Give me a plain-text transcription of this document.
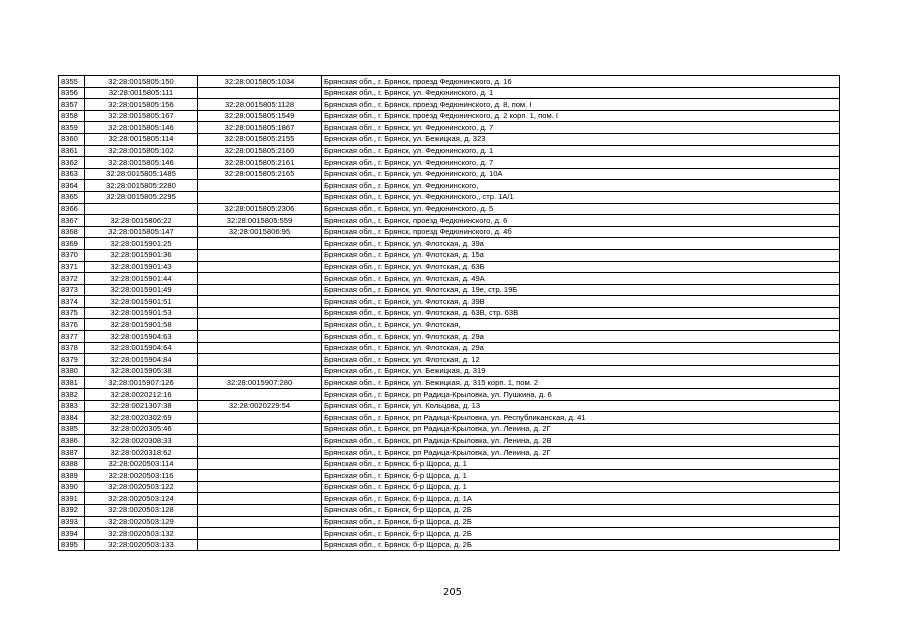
8355	32:28:0015805:150	32:28:0015805:1034	Брянская обл., г. Брянск, проезд Федюнинского, д. 16
8356	32:28:0015805:111		Брянская обл., г. Брянск, ул. Федюнинского, д. 1
8357	32:28:0015805:156	32:28:0015805:1128	Брянская обл., г. Брянск, проезд Федюнинского, д. 8, пом. I
8358	32:28:0015805:167	32:28:0015805:1549	Брянская обл., г. Брянск, проезд Федюнинского, д. 2 корп. 1, пом. I
8359	32:28:0015805:146	32:28:0015805:1867	Брянская обл., г. Брянск, ул. Федюнинского, д. 7
8360	32:28:0015805:114	32:28:0015805:2155	Брянская обл., г. Брянск, ул. Бежицкая, д. 323
8361	32:28:0015805:102	32:28:0015805:2160	Брянская обл., г. Брянск, ул. Федюнинского, д. 1
8362	32:28:0015805:146	32:28:0015805:2161	Брянская обл., г. Брянск, ул. Федюнинского, д. 7
8363	32:28:0015805:1485	32:28:0015805:2165	Брянская обл., г. Брянск, ул. Федюнинского, д. 10А
8364	32:28:0015805:2280		Брянская обл., г. Брянск, ул. Федюнинского,
8365	32:28:0015805:2295		Брянская обл., г. Брянск, ул. Федюнинского,, стр. 1А/1
8366		32:28:0015805:2306	Брянская обл., г. Брянск, ул. Федюнинского, д. 5
8367	32:28:0015806:22	32:28:0015805:559	Брянская обл., г. Брянск, проезд Федюнинского, д. 6
8368	32:28:0015805:147	32:28:0015806:95	Брянская обл., г. Брянск, проезд Федюнинского, д. 4б
8369	32:28:0015901:25		Брянская обл., г. Брянск, ул. Флотская, д. 39а
8370	32:28:0015901:36		Брянская обл., г. Брянск, ул. Флотская, д. 15а
8371	32:28:0015901:43		Брянская обл., г. Брянск, ул. Флотская, д. 63Б
8372	32:28:0015901:44		Брянская обл., г. Брянск, ул. Флотская, д. 49А
8373	32:28:0015901:49		Брянская обл., г. Брянск, ул. Флотская, д. 19е, стр. 19Б
8374	32:28:0015901:51		Брянская обл., г. Брянск, ул. Флотская, д. 39В
8375	32:28:0015901:53		Брянская обл., г. Брянск, ул. Флотская, д. 63В, стр. 63В
8376	32:28:0015901:58		Брянская обл., г. Брянск, ул. Флотская,
8377	32:28:0015904:63		Брянская обл., г. Брянск, ул. Флотская, д. 29а
8378	32:28:0015904:64		Брянская обл., г. Брянск, ул. Флотская, д. 29а
8379	32:28:0015904:84		Брянская обл., г. Брянск, ул. Флотская, д. 12
8380	32:28:0015905:38		Брянская обл., г. Брянск, ул. Бежицкая, д. 319
8381	32:28:0015907:126	32:28:0015907:280	Брянская обл., г. Брянск, ул. Бежицкая, д. 315 корп. 1, пом. 2
8382	32:28:0020212:16		Брянская обл., г. Брянск, рп Радица-Крыловка, ул. Пушкина, д. 6
8383	32:28:0021307:38	32:28:0020229:54	Брянская обл., г. Брянск, ул. Кольцова, д. 13
8384	32:28:0020302:69		Брянская обл., г. Брянск, рп Радица-Крыловка, ул. Республиканская, д. 41
8385	32:28:0020305:46		Брянская обл., г. Брянск, рп Радица-Крыловка, ул. Ленина, д. 2Г
8386	32:28:0020308:33		Брянская обл., г. Брянск, рп Радица-Крыловка, ул. Ленина, д. 2В
8387	32:28:0020318:62		Брянская обл., г. Брянск, рп Радица-Крыловка, ул. Ленина, д. 2Г
8388	32:28:0020503:114		Брянская обл., г. Брянск, б-р Щорса, д. 1
8389	32:28:0020503:116		Брянская обл., г. Брянск, б-р Щорса, д. 1
8390	32:28:0020503:122		Брянская обл., г. Брянск, б-р Щорса, д. 1
8391	32:28:0020503:124		Брянская обл., г. Брянск, б-р Щорса, д. 1А
8392	32:28:0020503:128		Брянская обл., г. Брянск, б-р Щорса, д. 2Б
8393	32:28:0020503:129		Брянская обл., г. Брянск, б-р Щорса, д. 2Б
8394	32:28:0020503:132		Брянская обл., г. Брянск, б-р Щорса, д. 2Б
8395	32:28:0020503:133		Брянская обл., г. Брянск, б-р Щорса, д. 2Б
205
